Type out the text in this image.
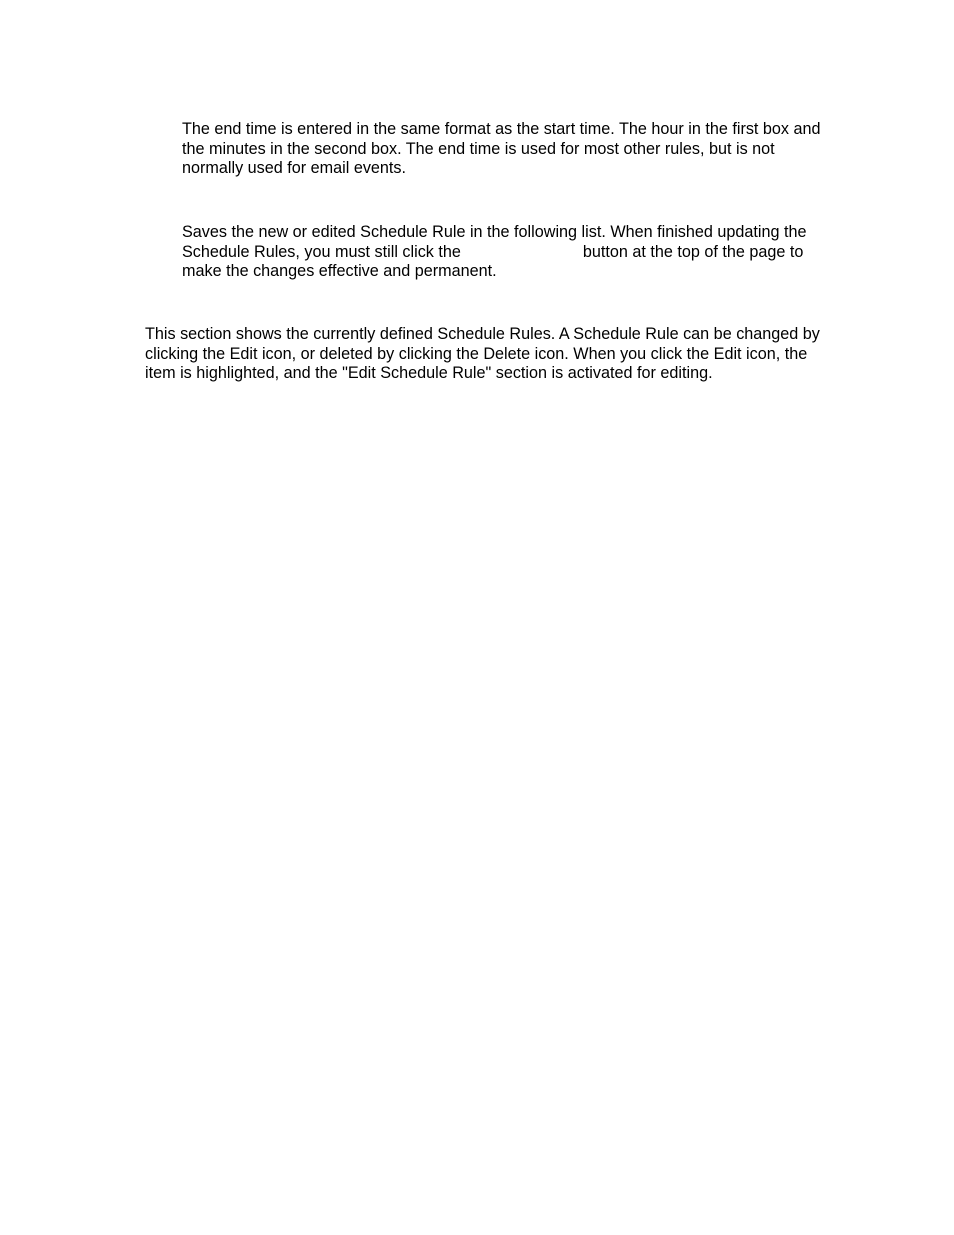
The end time is entered in the same format as the start time. The hour in the first box and
the minutes in the second box. The end time is used for most other rules, but is not
normally used for email events.

Saves the new or edited Schedule Rule in the following list. When finished updating the
Schedule Rules, you must still click the	button at the top of the page to
make the changes effective and permanent.

This section shows the currently defined Schedule Rules. A Schedule Rule can be changed by
clicking the Edit icon, or deleted by clicking the Delete icon. When you click the Edit icon, the
item is highlighted, and the "Edit Schedule Rule" section is activated for editing.
